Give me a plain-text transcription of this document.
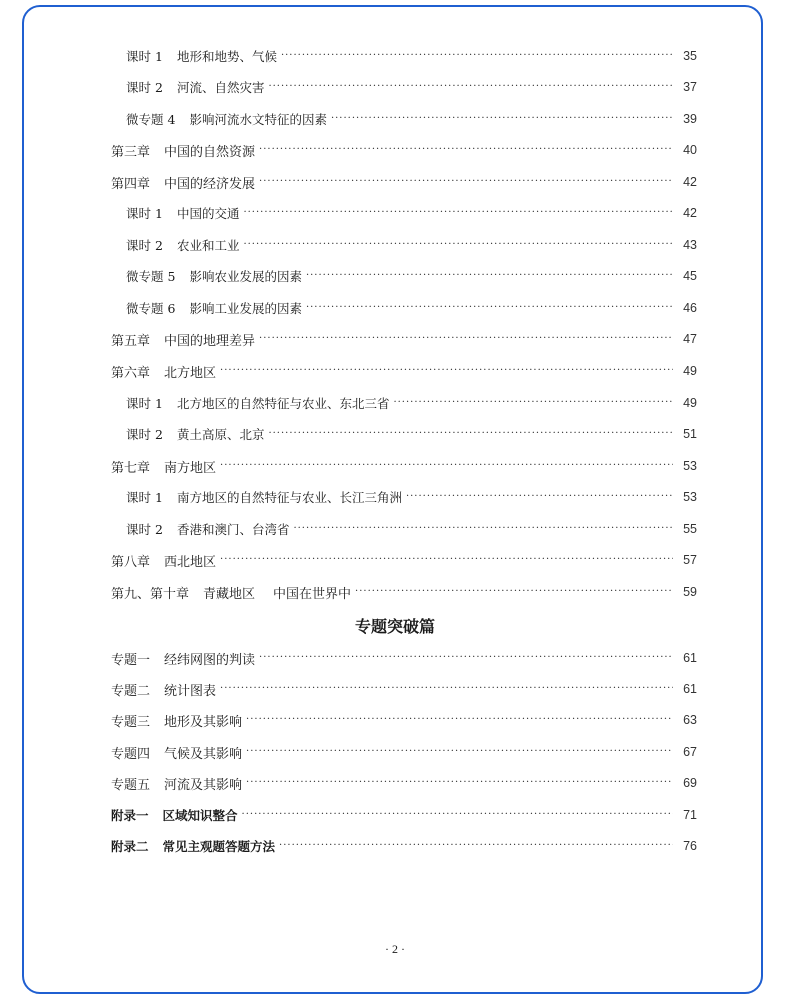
课时 1 地形和地势、气候 ·····	35
课时 2 河流、自然灾害 ·····	37
微专题 4 影响河流水文特征的因素 ·····	39
第三章 中国的自然资源 ·····	40
第四章 中国的经济发展 ·····	42
课时 1 中国的交通 ·····	42
课时 2 农业和工业 ·····	43
微专题 5 影响农业发展的因素 ·····	45
微专题 6 影响工业发展的因素 ·····	46
第五章 中国的地理差异 ·····	47
第六章 北方地区 ·····	49
课时 1 北方地区的自然特征与农业、东北三省 ·····	49
课时 2 黄土高原、北京 ·····	51
第七章 南方地区 ·····	53
课时 1 南方地区的自然特征与农业、长江三角洲 ·····	53
课时 2 香港和澳门、台湾省 ·····	55
第八章 西北地区 ·····	57
第九、第十章 青藏地区 中国在世界中 ·····	59
专题突破篇
专题一 经纬网图的判读 ·····	61
专题二 统计图表 ·····	61
专题三 地形及其影响 ·····	63
专题四 气候及其影响 ·····	67
专题五 河流及其影响 ·····	69
附录一 区域知识整合 ·····	71
附录二 常见主观题答题方法 ·····	76
· 2 ·
